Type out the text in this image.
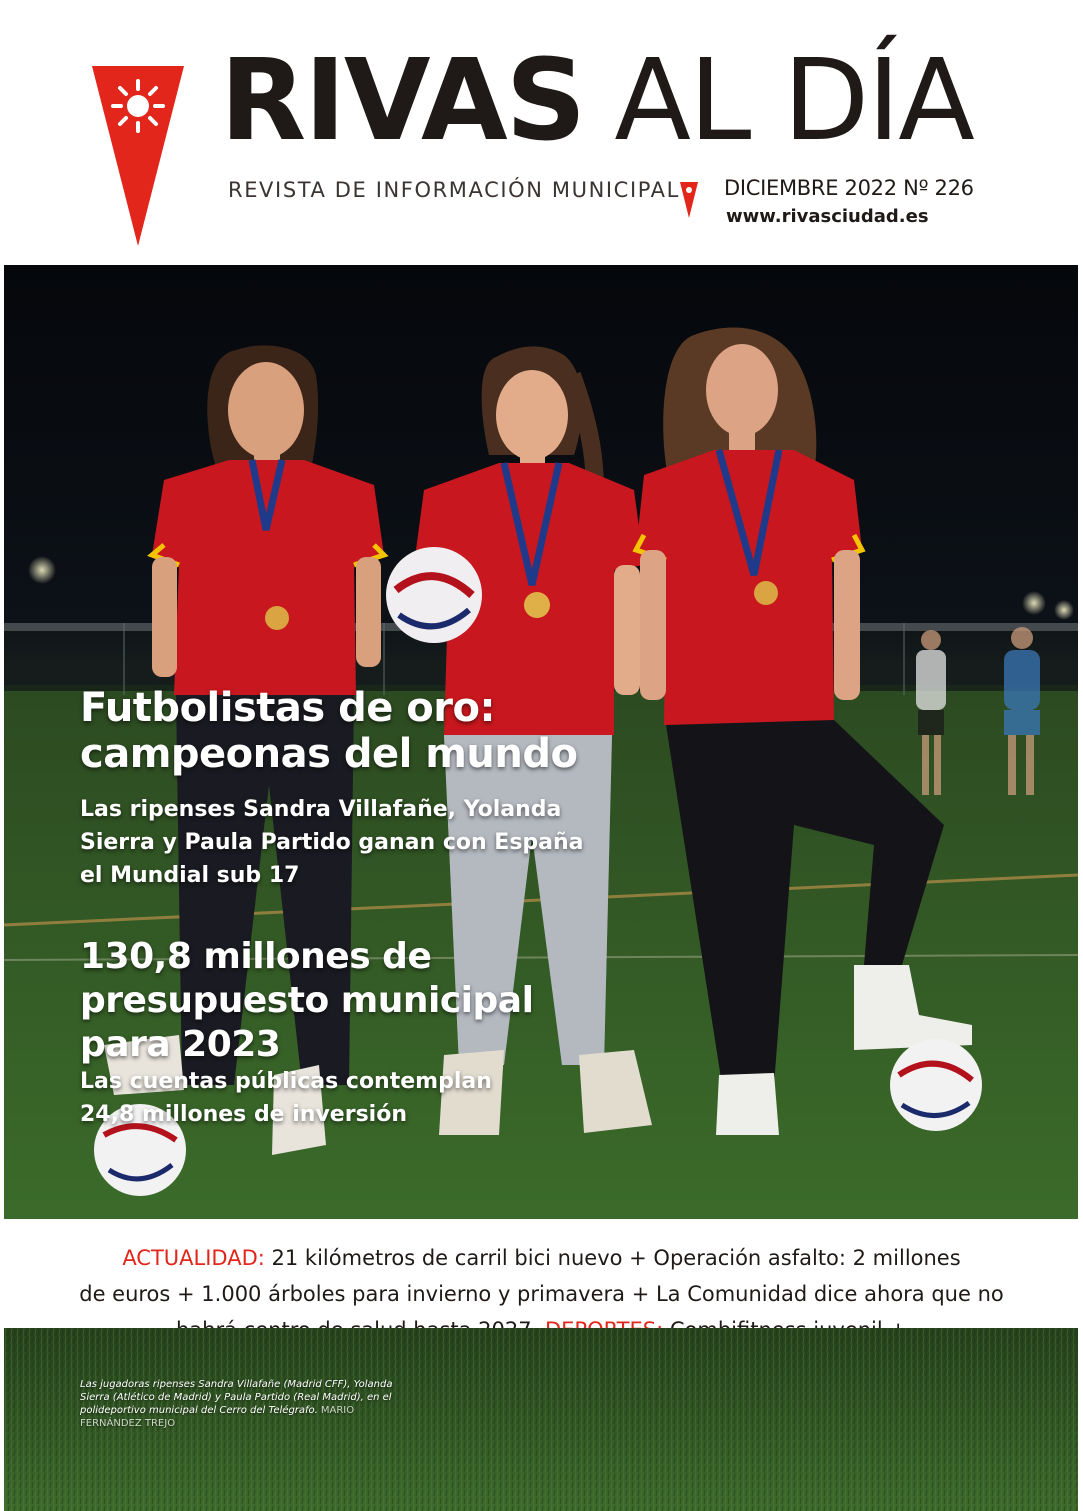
RIVAS AL DÍA
REVISTA DE INFORMACIÓN MUNICIPAL DICIEMBRE 2022 Nº 226
www.rivasciudad.es
Futbolistas de oro:
campeonas del mundo
Las ripenses Sandra Villafañe, Yolanda
Sierra y Paula Partido ganan con España
el Mundial sub 17
130,8 millones de
presupuesto municipal
para 2023
Las cuentas públicas contemplan
24,8 millones de inversión
ACTUALIDAD: 21 kilómetros de carril bici nuevo + Operación asfalto: 2 millones
de euros + 1.000 árboles para invierno y primavera + La Comunidad dice ahora que no

Las jugadoras ripenses Sandra Villafañe (Madrid CFF), Yolanda Sierra (Atlético de Madrid) y Paula Partido (Real Madrid), en el polideportivo municipal del Cerro del Telégrafo. MARIO FERNÁNDEZ TREJO
